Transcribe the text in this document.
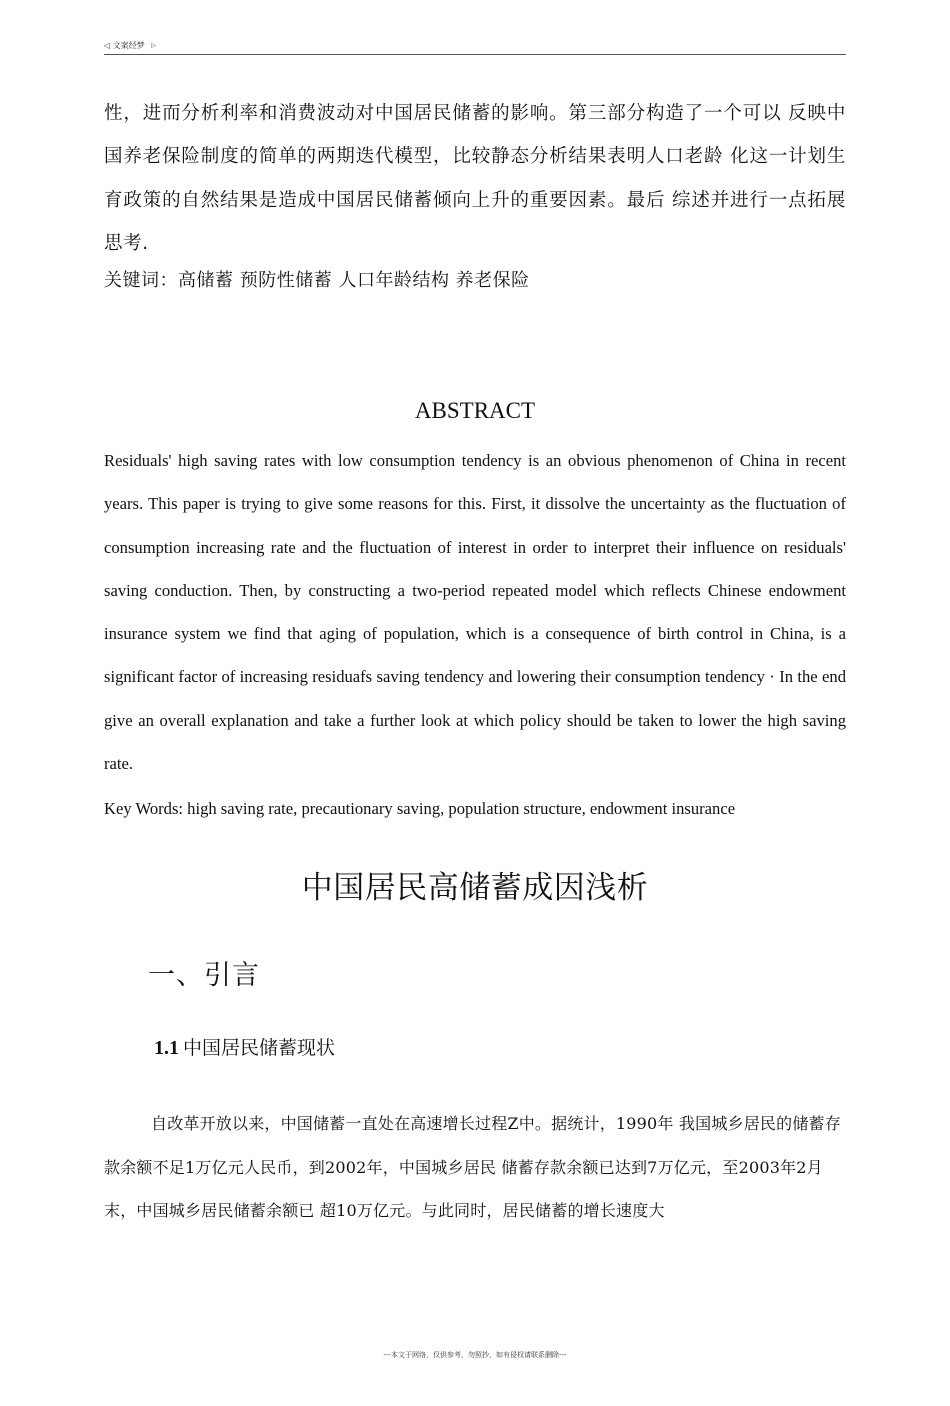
◁ 文案经梦 ▷

性，进而分析利率和消费波动对中国居民储蓄的影响。第三部分构造了一个可以 反映中国养老保险制度的简单的两期迭代模型，比较静态分析结果表明人口老龄 化这一计划生育政策的自然结果是造成中国居民储蓄倾向上升的重要因素。最后 综述并进行一点拓展思考.

关键词：高储蓄 预防性储蓄 人口年龄结构 养老保险

ABSTRACT

Residuals' high saving rates with low consumption tendency is an obvious phenomenon of China in recent years. This paper is trying to give some reasons for this. First, it dissolve the uncertainty as the fluctuation of consumption increasing rate and the fluctuation of interest in order to interpret their influence on residuals' saving conduction. Then, by constructing a two-period repeated model which reflects Chinese endowment insurance system we find that aging of population, which is a consequence of birth control in China, is a significant factor of increasing residuafs saving tendency and lowering their consumption tendency · In the end give an overall explanation and take a further look at which policy should be taken to lower the high saving rate.

Key Words: high saving rate, precautionary saving, population structure, endowment insurance

中国居民高储蓄成因浅析
一、引言
1.1 中国居民储蓄现状

自改革开放以来，中国储蓄一直处在高速增长过程Z中。据统计，1990年 我国城乡居民的储蓄存款余额不足1万亿元人民币，到2002年，中国城乡居民 储蓄存款余额已达到7万亿元，至2003年2月末，中国城乡居民储蓄余额已 超10万亿元。与此同时，居民储蓄的增长速度大

---本文于网络，仅供参考，勿照抄，如有侵权请联系删除---
